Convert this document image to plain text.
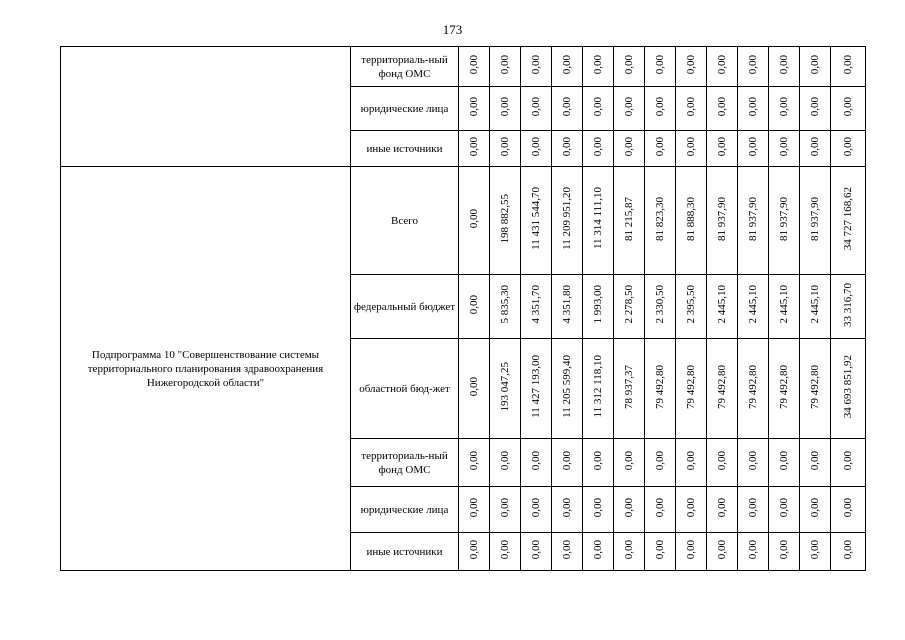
173
	территориаль-ный фонд ОМС	0,00	0,00	0,00	0,00	0,00	0,00	0,00	0,00	0,00	0,00	0,00	0,00	0,00
	юридические лица	0,00	0,00	0,00	0,00	0,00	0,00	0,00	0,00	0,00	0,00	0,00	0,00	0,00
	иные источники	0,00	0,00	0,00	0,00	0,00	0,00	0,00	0,00	0,00	0,00	0,00	0,00	0,00
Подпрограмма 10 "Совершенствование системы территориального планирования здравоохранения Нижегородской области"	Всего	0,00	198 882,55	11 431 544,70	11 209 951,20	11 314 111,10	81 215,87	81 823,30	81 888,30	81 937,90	81 937,90	81 937,90	81 937,90	34 727 168,62
	федеральный бюджет	0,00	5 835,30	4 351,70	4 351,80	1 993,00	2 278,50	2 330,50	2 395,50	2 445,10	2 445,10	2 445,10	2 445,10	33 316,70
	областной бюд-жет	0,00	193 047,25	11 427 193,00	11 205 599,40	11 312 118,10	78 937,37	79 492,80	79 492,80	79 492,80	79 492,80	79 492,80	79 492,80	34 693 851,92
	территориаль-ный фонд ОМС	0,00	0,00	0,00	0,00	0,00	0,00	0,00	0,00	0,00	0,00	0,00	0,00	0,00
	юридические лица	0,00	0,00	0,00	0,00	0,00	0,00	0,00	0,00	0,00	0,00	0,00	0,00	0,00
	иные источники	0,00	0,00	0,00	0,00	0,00	0,00	0,00	0,00	0,00	0,00	0,00	0,00	0,00
